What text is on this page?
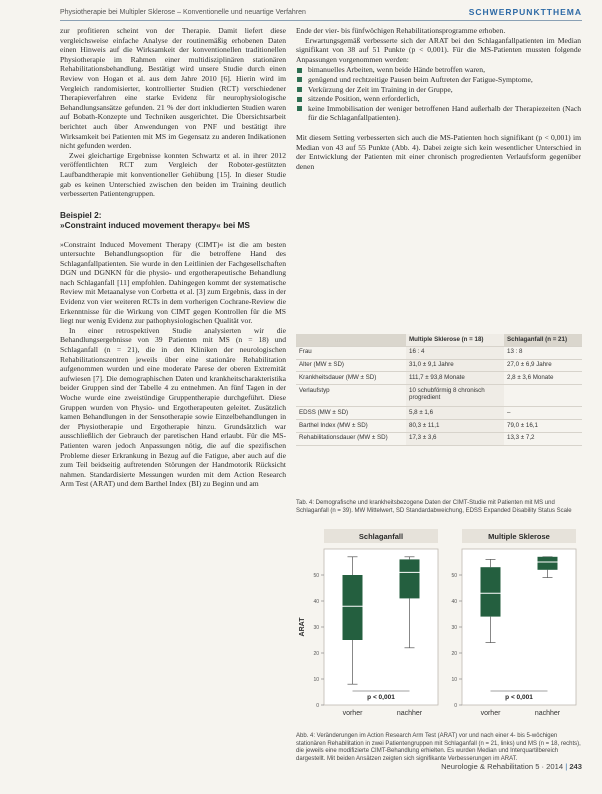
Physiotherapie bei Multipler Sklerose – Konventionelle und neuartige Verfahren	SCHWERPUNKTTHEMA

zur profitieren scheint von der Therapie. Damit liefert diese vergleichsweise einfache Analyse der routinemäßig erhobenen Daten einen Hinweis auf die Wirksamkeit der konventionellen traditionellen Physiotherapie im Rahmen einer multidisziplinären stationären Rehabilitationsbehandlung. Bestätigt wird unsere Studie durch einen Review von Hogan et al. aus dem Jahre 2010 [6]. Hierin wird im Vergleich randomisierter, kontrollierter Studien (RCT) verschiedener Therapieverfahren eine starke Evidenz für neurophysiologische Behandlungsansätze gefunden. 21 % der dort inkludierten Studien waren auf Bobath-Konzepte und Techniken ausgerichtet. Die Übersichtsarbeit berichtet auch über Anwendungen von PNF und bestätigt ihre Wirksamkeit bei Patienten mit MS im Gegensatz zu anderen Indikationen nicht gefunden werden.

Zwei gleichartige Ergebnisse konnten Schwartz et al. in ihrer 2012 veröffentlichten RCT zum Vergleich der Roboter-gestützten Laufbandtherapie mit konventioneller Gehübung [15]. In dieser Studie gab es keinen Unterschied zwischen den beiden im Training deutlich verbesserten Patientengruppen.

Beispiel 2:
»Constraint induced movement therapy« bei MS

»Constraint Induced Movement Therapy (CIMT)« ist die am besten untersuchte Behandlungsoption für die betroffene Hand des Schlaganfallpatienten. Sie wurde in den Leitlinien der Fachgesellschaften DGN und DGNKN für die physio- und ergotherapeutische Behandlung nach Schlaganfall [11] empfohlen. Dahingegen kommt der systematische Review mit Metaanalyse von Corbetta et al. [3] zum Ergebnis, dass in der Evidenz von vier weiteren RCTs in dem vorherigen Cochrane-Review die Erkenntnisse für die Wirkung von CIMT gegen Kontrollen für die MS liegt nur wenig Evidenz zur pathophysiologischen Qualität vor.

In einer retrospektiven Studie analysierten wir die Behandlungsergebnisse von 39 Patienten mit MS (n = 18) und Schlaganfall (n = 21), die in den Kliniken der neurologischen Rehabilitationszentren jeweils über eine stationäre Rehabilitation aufgenommen wurden und eine moderate Parese der oberen Extremität aufwiesen [7]. Die demographischen Daten und krankheitscharakteristika beider Gruppen sind der Tabelle 4 zu entnehmen. An fünf Tagen in der Woche wurde eine zweistündige Gruppentherapie durchgeführt. Diese Gruppen wurden von Physio- und Ergotherapeuten geleitet. Zusätzlich kamen Behandlungen in der Sensotherapie sowie Einzelbehandlungen in der Physiotherapie und Ergotherapie hinzu. Grundsätzlich war ausschließlich der Gebrauch der paretischen Hand erlaubt. Für die MS-Patienten waren jedoch Anpassungen nötig, die auf die spezifischen Probleme dieser Erkrankung in Bezug auf die Fatigue, aber auch auf die zum Teil beidseitig auftretenden Störungen der Handmotorik Rücksicht nahmen. Standardisierte Messungen wurden mit dem Action Research Arm Test (ARAT) und dem Barthel Index (BI) zu Beginn und am

Ende der vier- bis fünfwöchigen Rehabilitationsprogramme erhoben.

Erwartungsgemäß verbesserte sich der ARAT bei den Schlaganfallpatienten im Median signifikant von 38 auf 51 Punkte (p < 0,001). Für die MS-Patienten mussten folgende Anpassungen vorgenommen werden:

bimanuelles Arbeiten, wenn beide Hände betroffen waren,
genügend und rechtzeitige Pausen beim Auftreten der Fatigue-Symptome,
Verkürzung der Zeit im Training in der Gruppe,
sitzende Position, wenn erforderlich,
keine Immobilisation der weniger betroffenen Hand außerhalb der Therapiezeiten (Nach für die Schlaganfallpatienten).

Mit diesem Setting verbesserten sich auch die MS-Patienten hoch signifikant (p < 0,001) im Median von 43 auf 55 Punkte (Abb. 4). Dabei zeigte sich kein wesentlicher Unterschied in der Entwicklung der Patienten mit einer chronisch progredienten Verlaufsform gegenüber denen

	Multiple Sklerose (n = 18)	Schlaganfall (n = 21)
Frau	16 : 4	13 : 8
Alter (MW ± SD)	31,0 ± 9,1 Jahre	27,0 ± 6,9 Jahre
Krankheitsdauer (MW ± SD)	111,7 ± 93,8 Monate	2,8 ± 3,6 Monate
Verlaufstyp	10 schubförmig 8 chronisch progredient	
EDSS (MW ± SD)	5,8 ± 1,6	–
Barthel Index (MW ± SD)	80,3 ± 11,1	79,0 ± 16,1
Rehabilitationsdauer (MW ± SD)	17,3 ± 3,6	13,3 ± 7,2
Tab. 4: Demografische und krankheitsbezogene Daten der CIMT-Studie mit Patienten mit MS und Schlaganfall (n = 39). MW Mittelwert, SD Standardabweichung, EDSS Expanded Disability Status Scale
Schlaganfall
0
10
20
30
40
50
ARAT
vorher	nachher
p < 0,001
Multiple Sklerose
0
10
20
30
40
50
vorher	nachher
p < 0,001
Abb. 4: Veränderungen im Action Research Arm Test (ARAT) vor und nach einer 4- bis 5-wöchigen stationären Rehabilitation in zwei Patientengruppen mit Schlaganfall (n = 21, links) und MS (n = 18, rechts), die jeweils eine modifizierte CIMT-Behandlung erhielten. Es wurden Median und Interquartilbereich dargestellt. Mit beiden Ansätzen zeigten sich signifikante Verbesserungen im ARAT.
Neurologie & Rehabilitation 5 · 2014 | 243
